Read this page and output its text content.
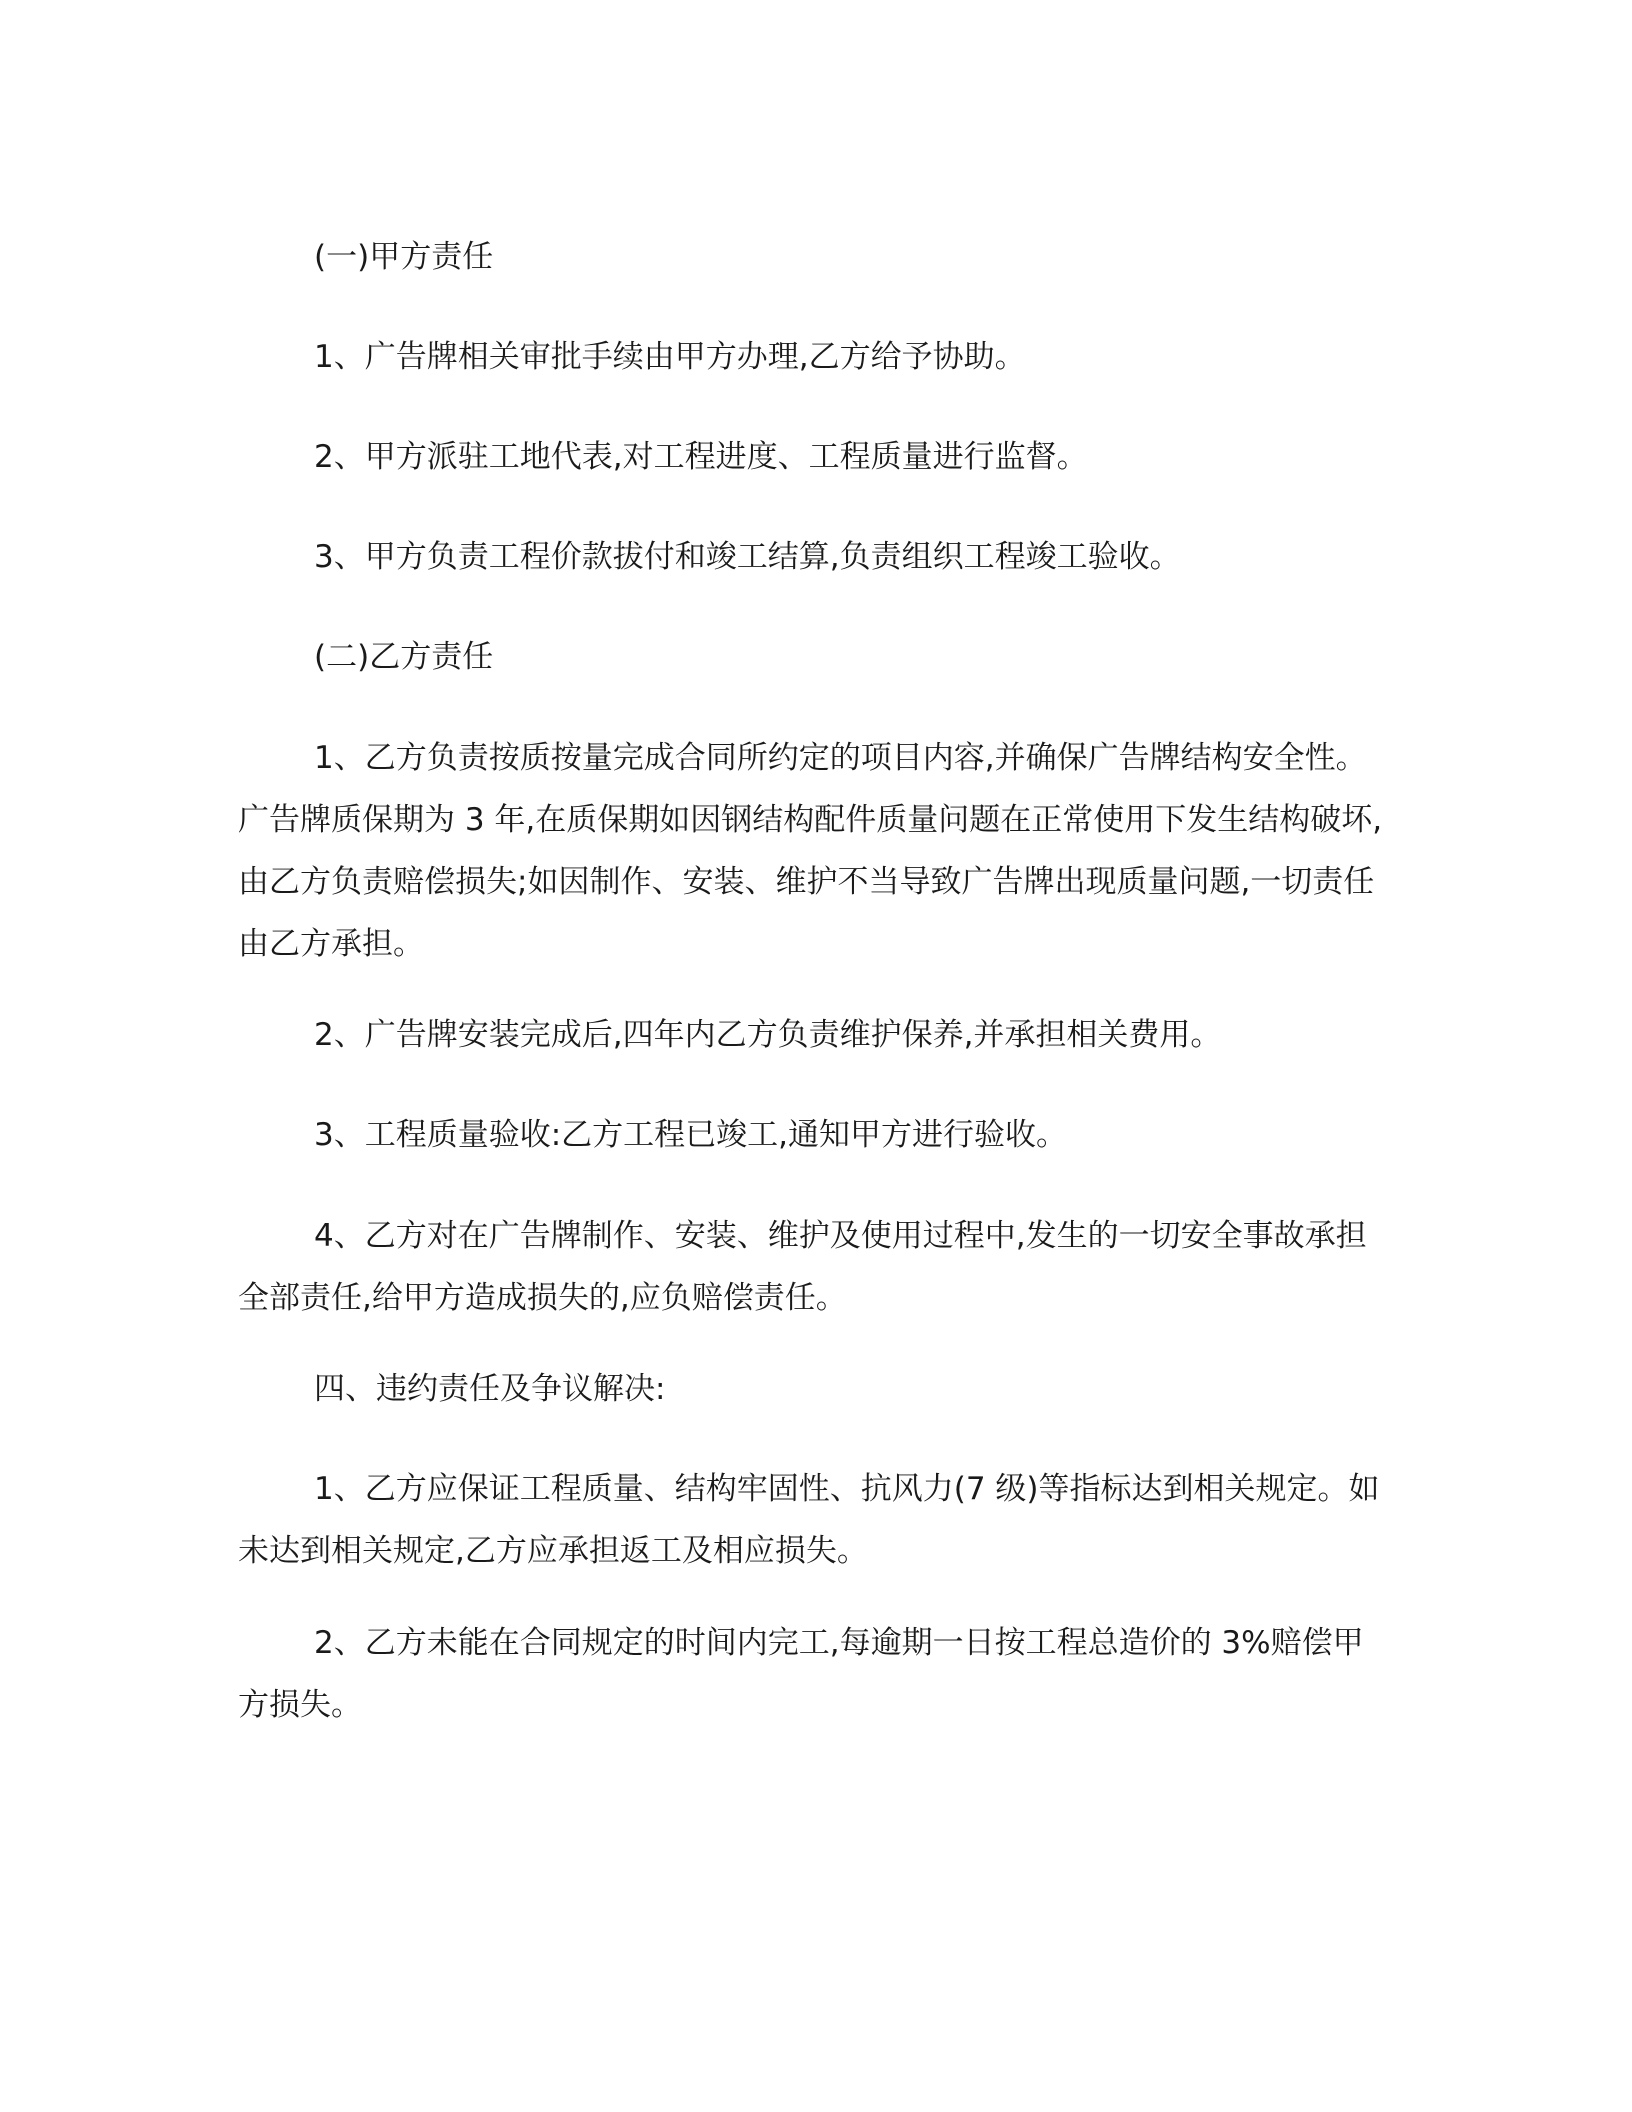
(一)甲方责任

1、广告牌相关审批手续由甲方办理,乙方给予协助。

2、甲方派驻工地代表,对工程进度、工程质量进行监督。

3、甲方负责工程价款拔付和竣工结算,负责组织工程竣工验收。

(二)乙方责任

1、乙方负责按质按量完成合同所约定的项目内容,并确保广告牌结构安全性。广告牌质保期为 3 年,在质保期如因钢结构配件质量问题在正常使用下发生结构破坏,由乙方负责赔偿损失;如因制作、安装、维护不当导致广告牌出现质量问题,一切责任由乙方承担。

2、广告牌安装完成后,四年内乙方负责维护保养,并承担相关费用。

3、工程质量验收:乙方工程已竣工,通知甲方进行验收。

4、乙方对在广告牌制作、安装、维护及使用过程中,发生的一切安全事故承担全部责任,给甲方造成损失的,应负赔偿责任。

四、违约责任及争议解决:

1、乙方应保证工程质量、结构牢固性、抗风力(7 级)等指标达到相关规定。如未达到相关规定,乙方应承担返工及相应损失。

2、乙方未能在合同规定的时间内完工,每逾期一日按工程总造价的 3%赔偿甲方损失。
